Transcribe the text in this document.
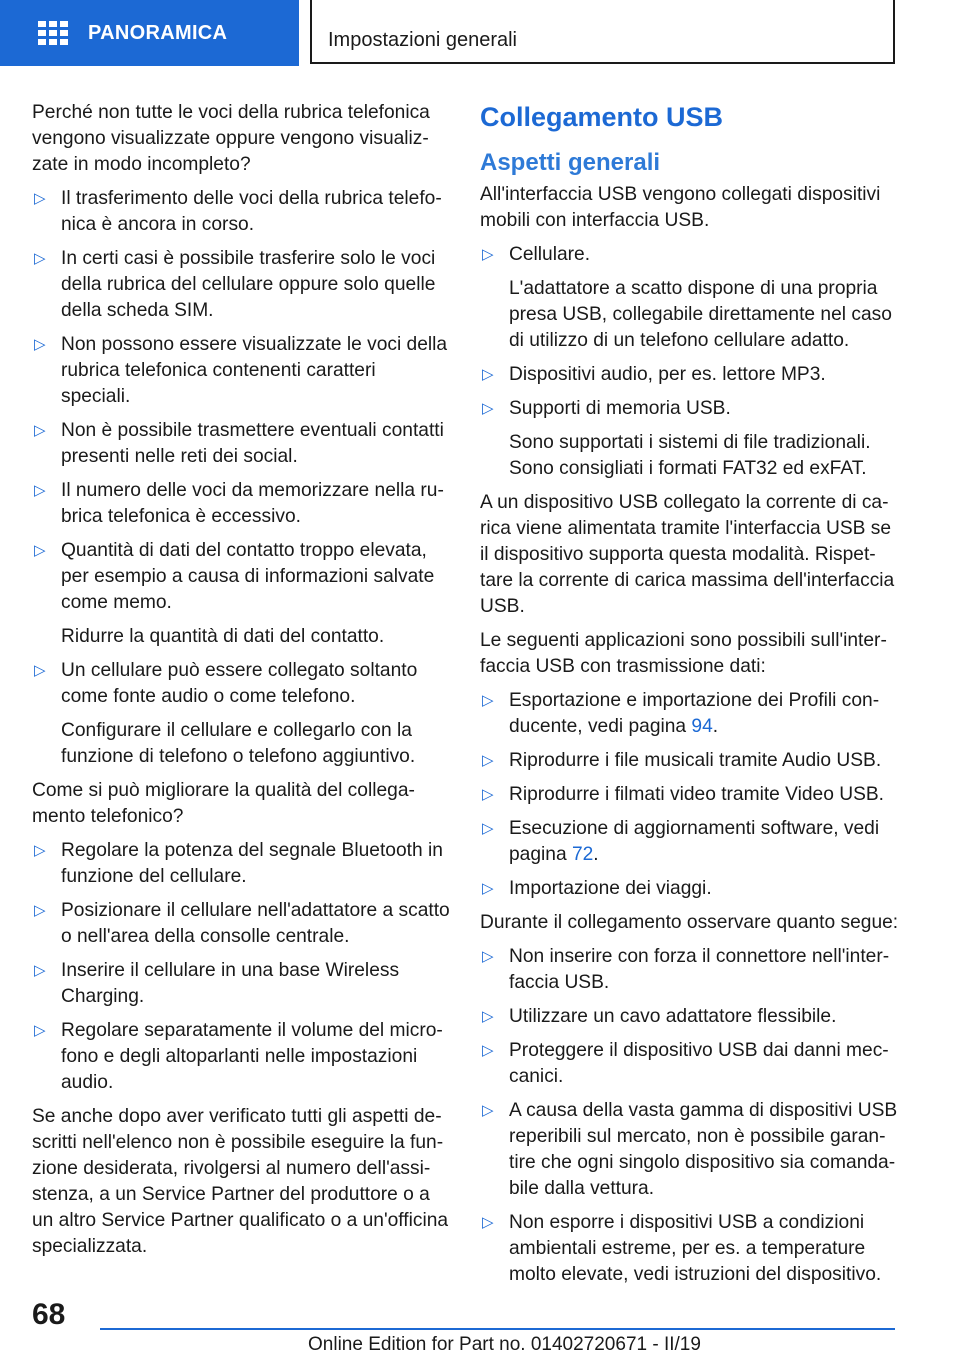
PANORAMICA	Impostazioni generali

Perché non tutte le voci della rubrica telefonica vengono visualizzate oppure vengono visualizzate in modo incompleto?

▷ Il trasferimento delle voci della rubrica telefonica è ancora in corso.
▷ In certi casi è possibile trasferire solo le voci della rubrica del cellulare oppure solo quelle della scheda SIM.
▷ Non possono essere visualizzate le voci della rubrica telefonica contenenti caratteri speciali.
▷ Non è possibile trasmettere eventuali contatti presenti nelle reti dei social.
▷ Il numero delle voci da memorizzare nella rubrica telefonica è eccessivo.
▷ Quantità di dati del contatto troppo elevata, per esempio a causa di informazioni salvate come memo.
Ridurre la quantità di dati del contatto.
▷ Un cellulare può essere collegato soltanto come fonte audio o come telefono.
Configurare il cellulare e collegarlo con la funzione di telefono o telefono aggiuntivo.

Come si può migliorare la qualità del collegamento telefonico?

▷ Regolare la potenza del segnale Bluetooth in funzione del cellulare.
▷ Posizionare il cellulare nell'adattatore a scatto o nell'area della consolle centrale.
▷ Inserire il cellulare in una base Wireless Charging.
▷ Regolare separatamente il volume del microfono e degli altoparlanti nelle impostazioni audio.

Se anche dopo aver verificato tutti gli aspetti descritti nell'elenco non è possibile eseguire la funzione desiderata, rivolgersi al numero dell'assistenza, a un Service Partner del produttore o a un altro Service Partner qualificato o a un'officina specializzata.

Collegamento USB
Aspetti generali

All'interfaccia USB vengono collegati dispositivi mobili con interfaccia USB.

▷ Cellulare.
L'adattatore a scatto dispone di una propria presa USB, collegabile direttamente nel caso di utilizzo di un telefono cellulare adatto.
▷ Dispositivi audio, per es. lettore MP3.
▷ Supporti di memoria USB.
Sono supportati i sistemi di file tradizionali. Sono consigliati i formati FAT32 ed exFAT.

A un dispositivo USB collegato la corrente di carica viene alimentata tramite l'interfaccia USB se il dispositivo supporta questa modalità. Rispettare la corrente di carica massima dell'interfaccia USB.

Le seguenti applicazioni sono possibili sull'interfaccia USB con trasmissione dati:

▷ Esportazione e importazione dei Profili conducente, vedi pagina 94.
▷ Riprodurre i file musicali tramite Audio USB.
▷ Riprodurre i filmati video tramite Video USB.
▷ Esecuzione di aggiornamenti software, vedi pagina 72.
▷ Importazione dei viaggi.

Durante il collegamento osservare quanto segue:

▷ Non inserire con forza il connettore nell'interfaccia USB.
▷ Utilizzare un cavo adattatore flessibile.
▷ Proteggere il dispositivo USB dai danni meccanici.
▷ A causa della vasta gamma di dispositivi USB reperibili sul mercato, non è possibile garantire che ogni singolo dispositivo sia comandabile dalla vettura.
▷ Non esporre i dispositivi USB a condizioni ambientali estreme, per es. a temperature molto elevate, vedi istruzioni del dispositivo.
68
Online Edition for Part no. 01402720671 - II/19
